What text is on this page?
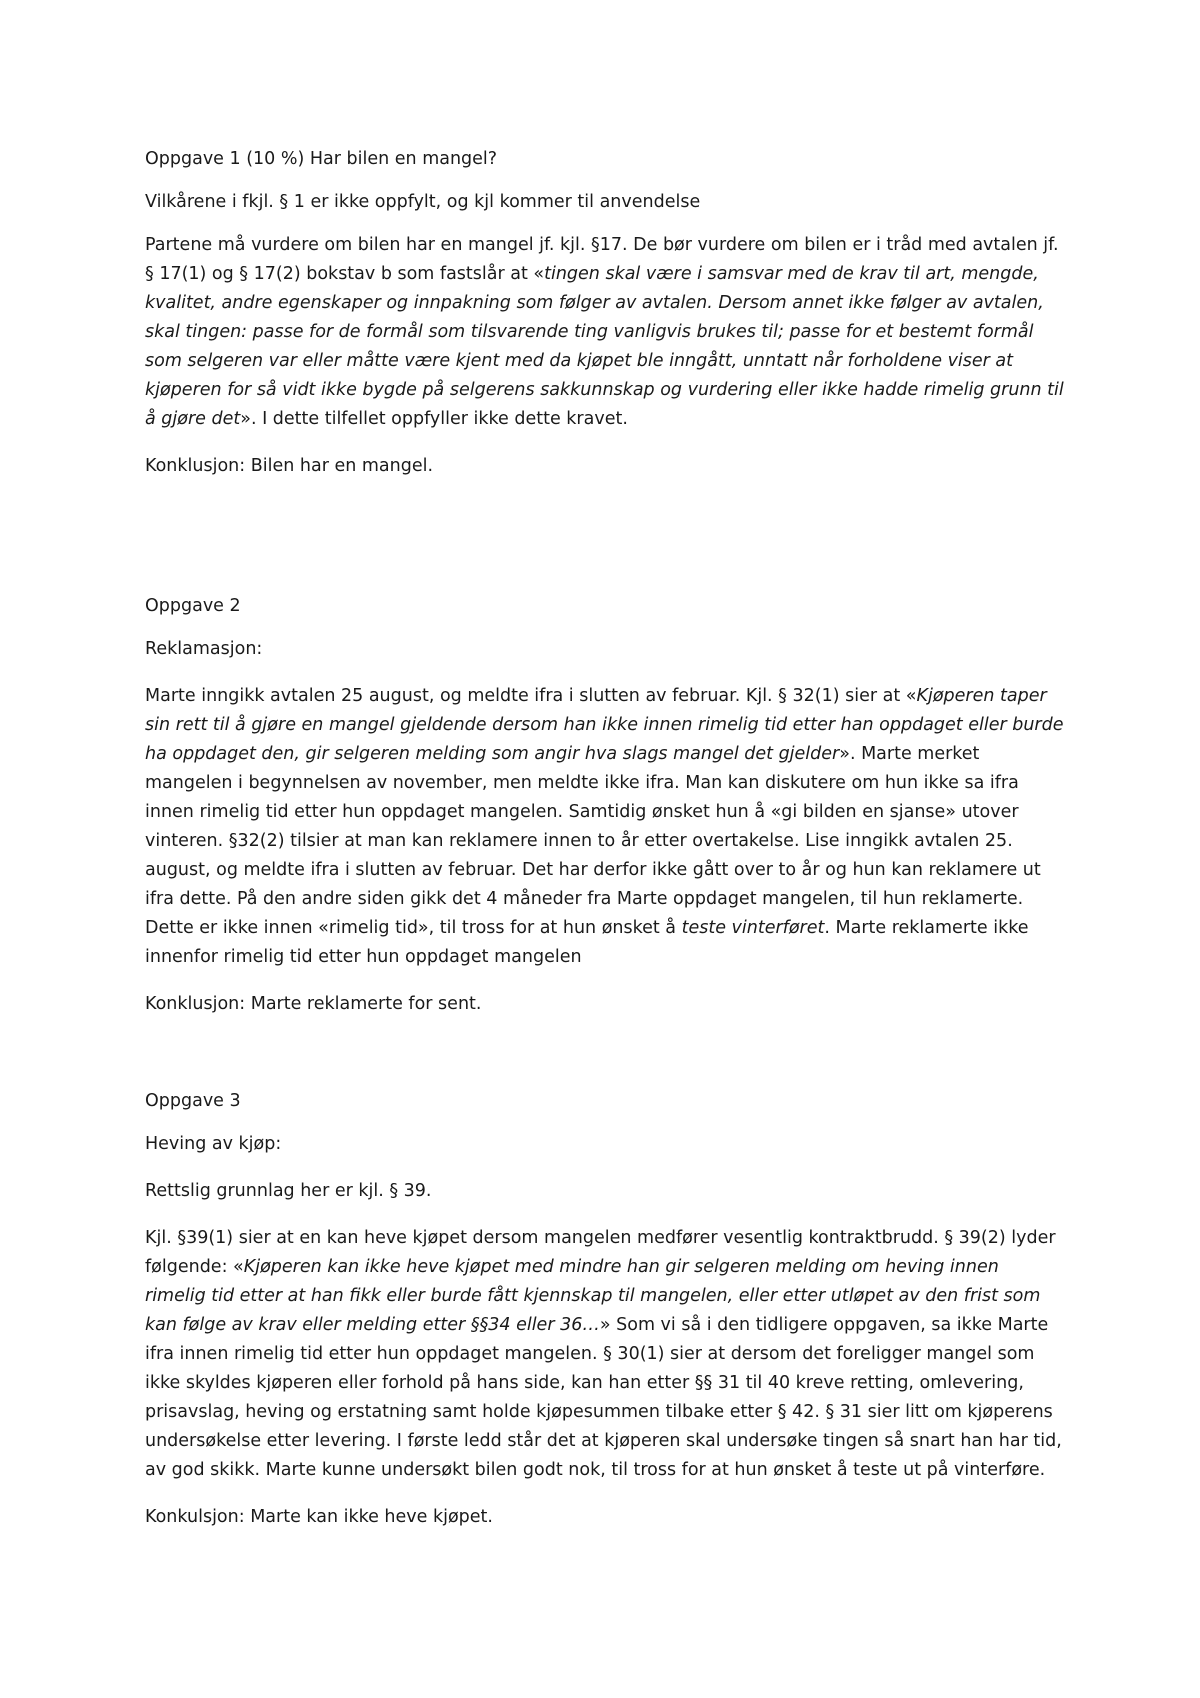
Oppgave 1 (10 %) Har bilen en mangel?

Vilkårene i fkjl. § 1 er ikke oppfylt, og kjl kommer til anvendelse

Partene må vurdere om bilen har en mangel jf. kjl. §17. De bør vurdere om bilen er i tråd med avtalen jf. § 17(1) og § 17(2) bokstav b som fastslår at «tingen skal være i samsvar med de krav til art, mengde, kvalitet, andre egenskaper og innpakning som følger av avtalen. Dersom annet ikke følger av avtalen, skal tingen: passe for de formål som tilsvarende ting vanligvis brukes til; passe for et bestemt formål som selgeren var eller måtte være kjent med da kjøpet ble inngått, unntatt når forholdene viser at kjøperen for så vidt ikke bygde på selgerens sakkunnskap og vurdering eller ikke hadde rimelig grunn til å gjøre det». I dette tilfellet oppfyller ikke dette kravet.

Konklusjon: Bilen har en mangel.

Oppgave 2

Reklamasjon:

Marte inngikk avtalen 25 august, og meldte ifra i slutten av februar. Kjl. § 32(1) sier at «Kjøperen taper sin rett til å gjøre en mangel gjeldende dersom han ikke innen rimelig tid etter han oppdaget eller burde ha oppdaget den, gir selgeren melding som angir hva slags mangel det gjelder». Marte merket mangelen i begynnelsen av november, men meldte ikke ifra. Man kan diskutere om hun ikke sa ifra innen rimelig tid etter hun oppdaget mangelen. Samtidig ønsket hun å «gi bilden en sjanse» utover vinteren. §32(2) tilsier at man kan reklamere innen to år etter overtakelse. Lise inngikk avtalen 25. august, og meldte ifra i slutten av februar. Det har derfor ikke gått over to år og hun kan reklamere ut ifra dette. På den andre siden gikk det 4 måneder fra Marte oppdaget mangelen, til hun reklamerte. Dette er ikke innen «rimelig tid», til tross for at hun ønsket å teste vinterføret. Marte reklamerte ikke innenfor rimelig tid etter hun oppdaget mangelen

Konklusjon: Marte reklamerte for sent.

Oppgave 3

Heving av kjøp:

Rettslig grunnlag her er kjl. § 39.

Kjl. §39(1) sier at en kan heve kjøpet dersom mangelen medfører vesentlig kontraktbrudd. § 39(2) lyder følgende: «Kjøperen kan ikke heve kjøpet med mindre han gir selgeren melding om heving innen rimelig tid etter at han fikk eller burde fått kjennskap til mangelen, eller etter utløpet av den frist som kan følge av krav eller melding etter §§34 eller 36…» Som vi så i den tidligere oppgaven, sa ikke Marte ifra innen rimelig tid etter hun oppdaget mangelen. § 30(1) sier at dersom det foreligger mangel som ikke skyldes kjøperen eller forhold på hans side, kan han etter §§ 31 til 40 kreve retting, omlevering, prisavslag, heving og erstatning samt holde kjøpesummen tilbake etter § 42. § 31 sier litt om kjøperens undersøkelse etter levering. I første ledd står det at kjøperen skal undersøke tingen så snart han har tid, av god skikk. Marte kunne undersøkt bilen godt nok, til tross for at hun ønsket å teste ut på vinterføre.

Konkulsjon: Marte kan ikke heve kjøpet.
